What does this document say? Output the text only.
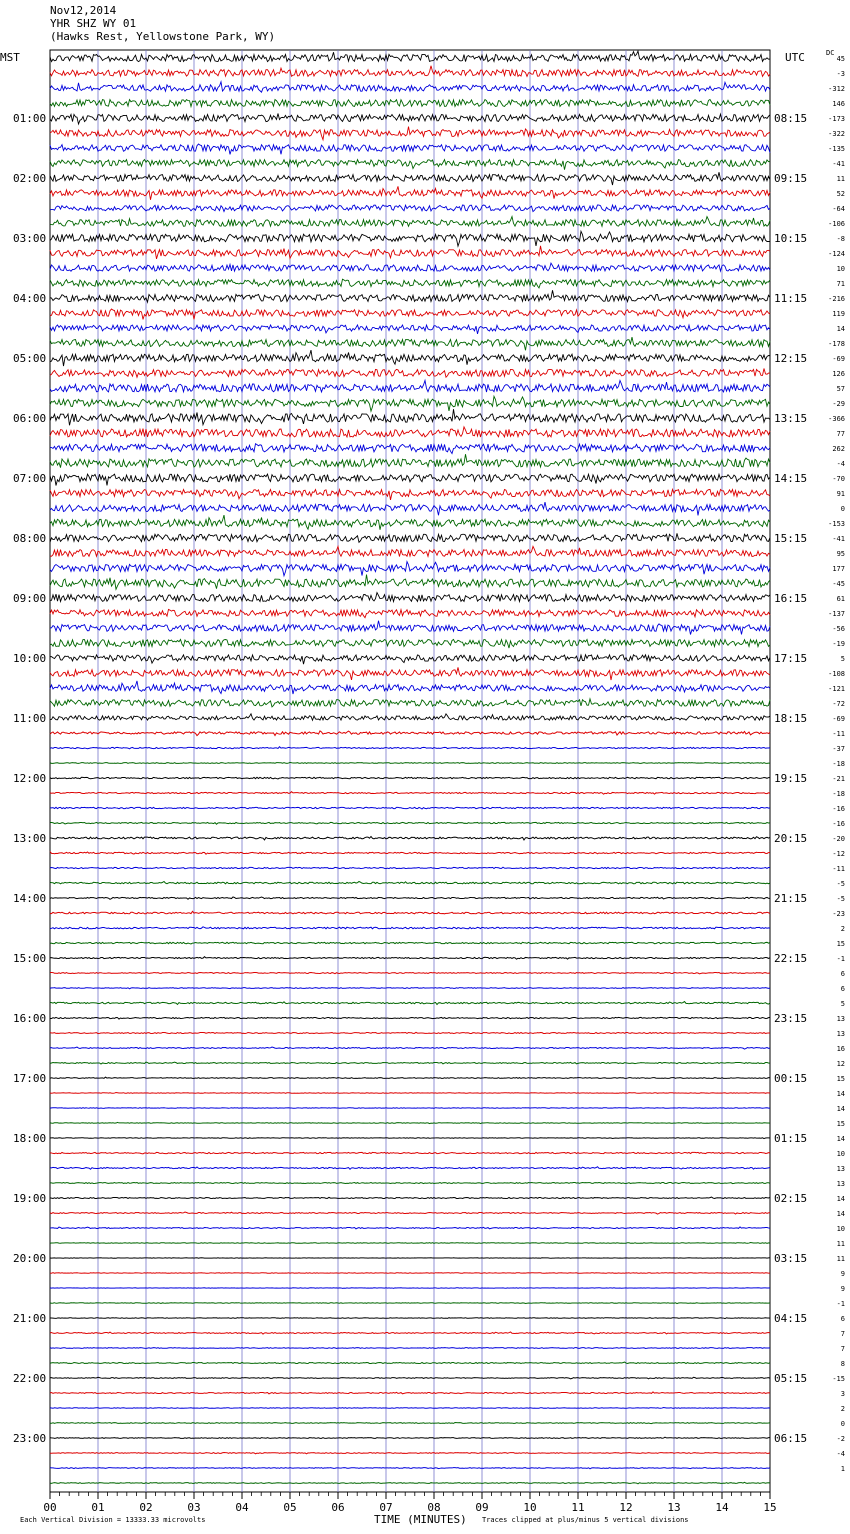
Nov12,2014
YHR SHZ WY 01
(Hawks Rest, Yellowstone Park, WY)
MST	UTC	DC
00	01	02	03	04	05	06	07	08	09	10	11	12	13	14	15
45
-3
-312
146
-173
-322
-135
-41
11
52
-64
-106
-8
-124
10
71
-216
119
14
-178
-69
126
57
-29
-366
77
262
-4
-70
91
0
-153
-41
95
177
-45
61
-137
-56
-19
5
-108
-121
-72
-69
-11
-37
-18
-21
-18
-16
-16
-20
-12
-11
-5
-5
-23
2
15
-1
6
6
5
13
13
16
12
15
14
14
15
14
10
13
13
14
14
10
11
11
9
9
-1
6
7
7
8
-15
3
2
0
-2
-4
1
01:00
02:00
03:00
04:00
05:00
06:00
07:00
08:00
09:00
10:00
11:00
12:00
13:00
14:00
15:00
16:00
17:00
18:00
19:00
20:00
21:00
22:00
23:00
08:15
09:15
10:15
11:15
12:15
13:15
14:15
15:15
16:15
17:15
18:15
19:15
20:15
21:15
22:15
23:15
00:15
01:15
02:15
03:15
04:15
05:15
06:15
TIME (MINUTES)
Each Vertical Division = 13333.33 microvolts	Traces clipped at plus/minus 5 vertical divisions
